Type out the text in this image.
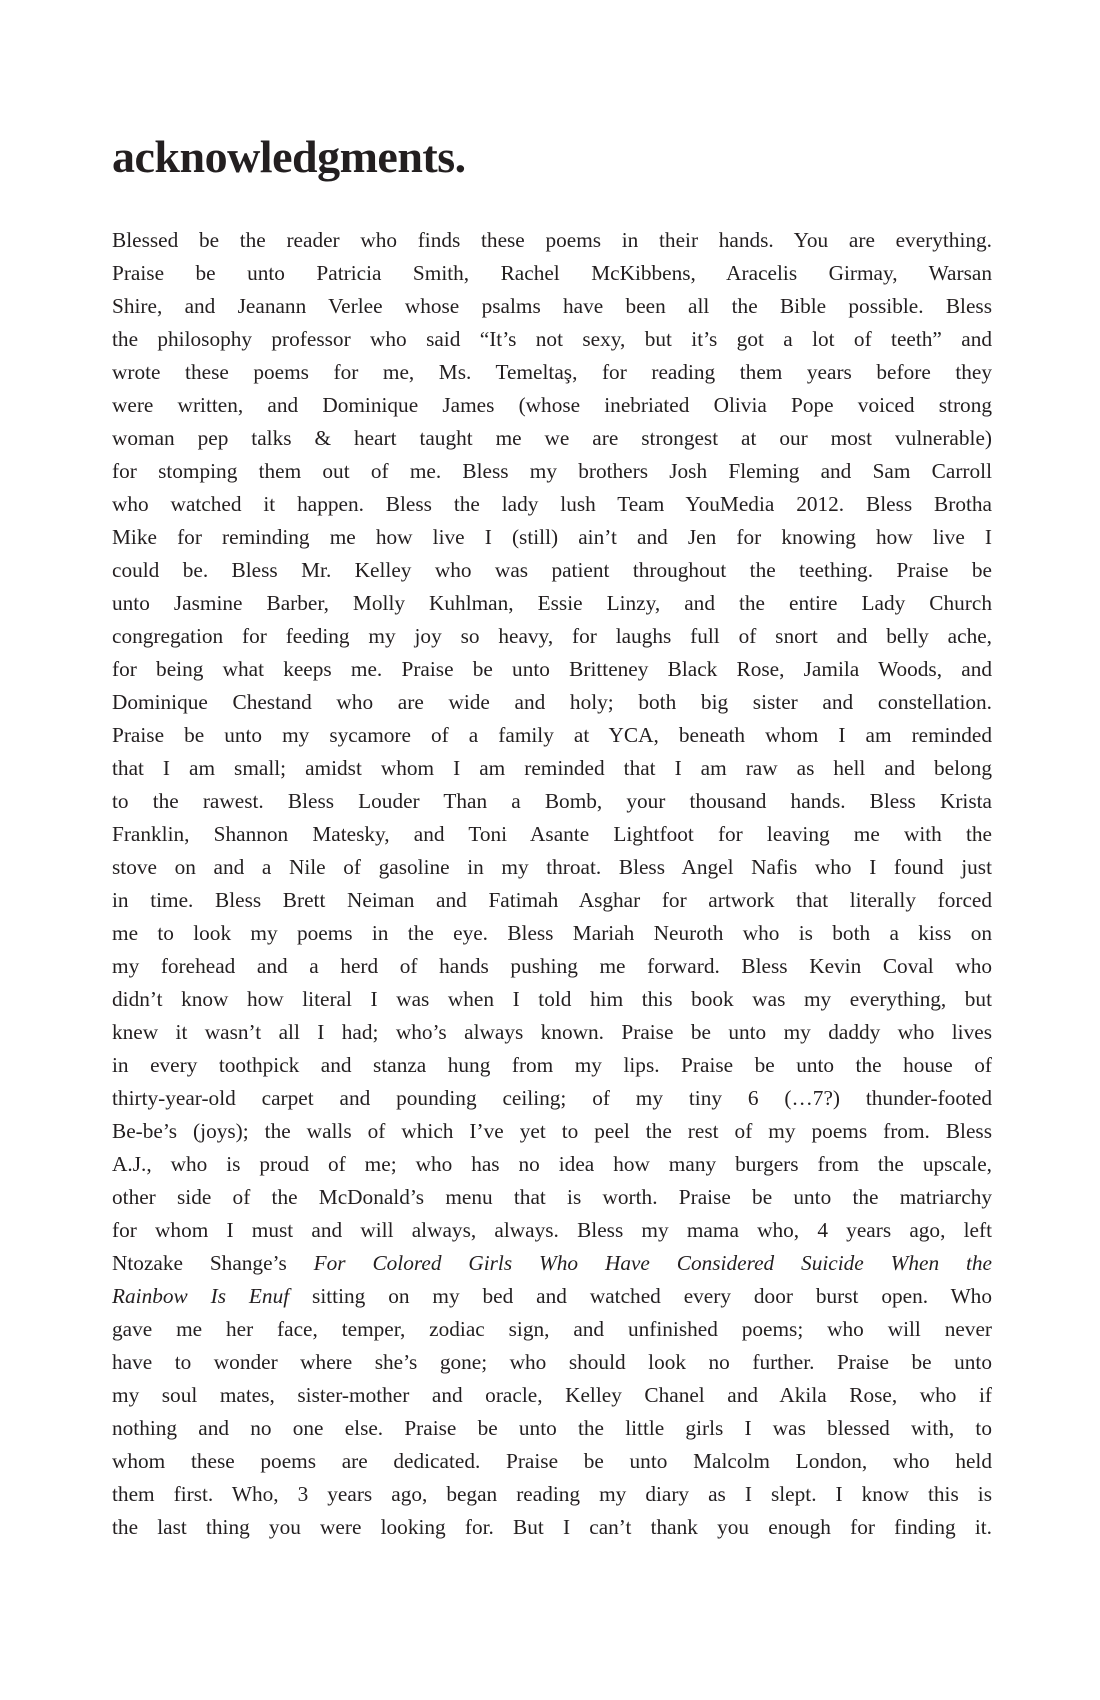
acknowledgments.
Blessed be the reader who finds these poems in their hands. You are everything.
Praise be unto Patricia Smith, Rachel McKibbens, Aracelis Girmay, Warsan
Shire, and Jeanann Verlee whose psalms have been all the Bible possible. Bless
the philosophy professor who said “It’s not sexy, but it’s got a lot of teeth” and
wrote these poems for me, Ms. Temeltaş, for reading them years before they
were written, and Dominique James (whose inebriated Olivia Pope voiced strong
woman pep talks & heart taught me we are strongest at our most vulnerable)
for stomping them out of me. Bless my brothers Josh Fleming and Sam Carroll
who watched it happen. Bless the lady lush Team YouMedia 2012. Bless Brotha
Mike for reminding me how live I (still) ain’t and Jen for knowing how live I
could be. Bless Mr. Kelley who was patient throughout the teething. Praise be
unto Jasmine Barber, Molly Kuhlman, Essie Linzy, and the entire Lady Church
congregation for feeding my joy so heavy, for laughs full of snort and belly ache,
for being what keeps me. Praise be unto Britteney Black Rose, Jamila Woods, and
Dominique Chestand who are wide and holy; both big sister and constellation.
Praise be unto my sycamore of a family at YCA, beneath whom I am reminded
that I am small; amidst whom I am reminded that I am raw as hell and belong
to the rawest. Bless Louder Than a Bomb, your thousand hands. Bless Krista
Franklin, Shannon Matesky, and Toni Asante Lightfoot for leaving me with the
stove on and a Nile of gasoline in my throat. Bless Angel Nafis who I found just
in time. Bless Brett Neiman and Fatimah Asghar for artwork that literally forced
me to look my poems in the eye. Bless Mariah Neuroth who is both a kiss on
my forehead and a herd of hands pushing me forward. Bless Kevin Coval who
didn’t know how literal I was when I told him this book was my everything, but
knew it wasn’t all I had; who’s always known. Praise be unto my daddy who lives
in every toothpick and stanza hung from my lips. Praise be unto the house of
thirty-year-old carpet and pounding ceiling; of my tiny 6 (…7?) thunder-footed
Be-be’s (joys); the walls of which I’ve yet to peel the rest of my poems from. Bless
A.J., who is proud of me; who has no idea how many burgers from the upscale,
other side of the McDonald’s menu that is worth. Praise be unto the matriarchy
for whom I must and will always, always. Bless my mama who, 4 years ago, left
Ntozake Shange’s For Colored Girls Who Have Considered Suicide When the
Rainbow Is Enuf sitting on my bed and watched every door burst open. Who
gave me her face, temper, zodiac sign, and unfinished poems; who will never
have to wonder where she’s gone; who should look no further. Praise be unto
my soul mates, sister-mother and oracle, Kelley Chanel and Akila Rose, who if
nothing and no one else. Praise be unto the little girls I was blessed with, to
whom these poems are dedicated. Praise be unto Malcolm London, who held
them first. Who, 3 years ago, began reading my diary as I slept. I know this is
the last thing you were looking for. But I can’t thank you enough for finding it.
